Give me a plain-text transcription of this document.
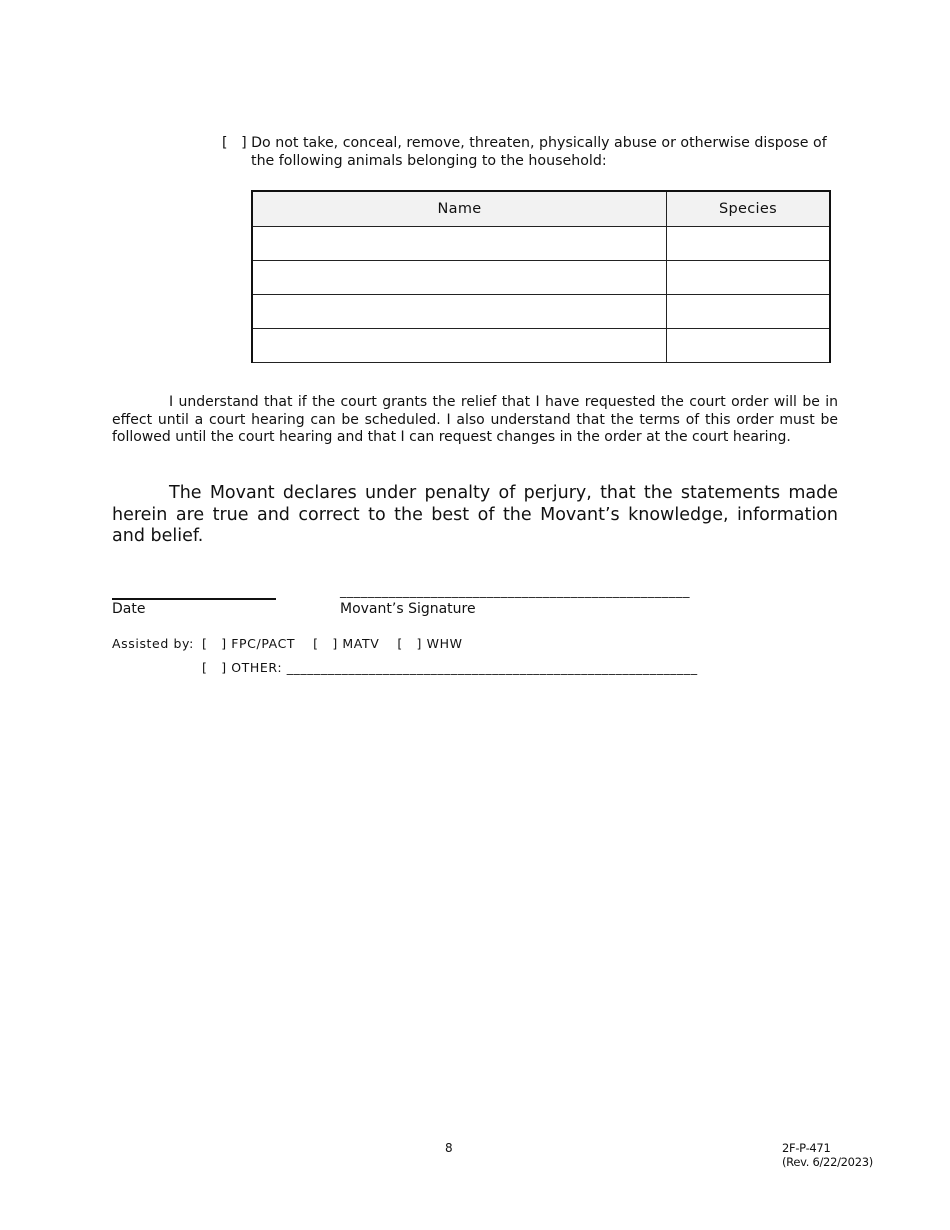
[   ] Do not take, conceal, remove, threaten, physically abuse or otherwise dispose of
the following animals belonging to the household:
Name	Species

I understand that if the court grants the relief that I have requested the court order will be in effect until a court hearing can be scheduled. I also understand that the terms of this order must be followed until the court hearing and that I can request changes in the order at the court hearing.
The Movant declares under penalty of perjury, that the statements made herein are true and correct to the best of the Movant’s knowledge, information and belief.
Date
__________________________________________________
Movant’s Signature
Assisted by: [   ] FPC/PACT [   ] MATV [   ] WHW
[   ] OTHER: ____________________________________________________________
8	2F-P-471
(Rev. 6/22/2023)
